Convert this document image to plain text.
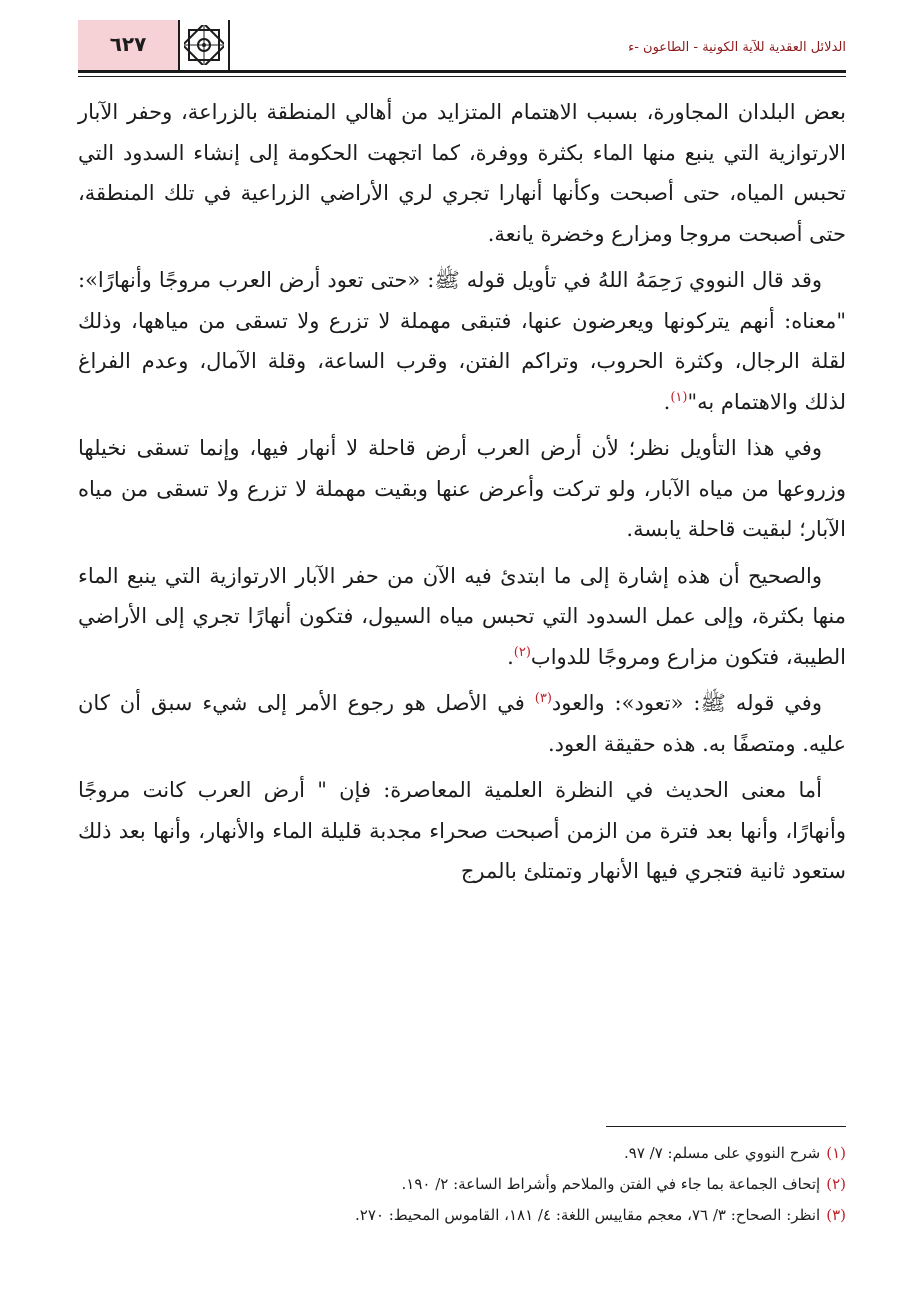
الدلائل العقدية للآية الكونية - الطاعون -ء
٦٢٧

بعض البلدان المجاورة، بسبب الاهتمام المتزايد من أهالي المنطقة بالزراعة، وحفر الآبار الارتوازية التي ينبع منها الماء بكثرة ووفرة، كما اتجهت الحكومة إلى إنشاء السدود التي تحبس المياه، حتى أصبحت وكأنها أنهارا تجري لري الأراضي الزراعية في تلك المنطقة، حتى أصبحت مروجا ومزارع وخضرة يانعة.

وقد قال النووي رَحِمَهُ اللهُ في تأويل قوله ﷺ: «حتى تعود أرض العرب مروجًا وأنهارًا»: "معناه: أنهم يتركونها ويعرضون عنها، فتبقى مهملة لا تزرع ولا تسقى من مياهها، وذلك لقلة الرجال، وكثرة الحروب، وتراكم الفتن، وقرب الساعة، وقلة الآمال، وعدم الفراغ لذلك والاهتمام به"$^{(١)}$.

وفي هذا التأويل نظر؛ لأن أرض العرب أرض قاحلة لا أنهار فيها، وإنما تسقى نخيلها وزروعها من مياه الآبار، ولو تركت وأعرض عنها وبقيت مهملة لا تزرع ولا تسقى من مياه الآبار؛ لبقيت قاحلة يابسة.

والصحيح أن هذه إشارة إلى ما ابتدئ فيه الآن من حفر الآبار الارتوازية التي ينبع الماء منها بكثرة، وإلى عمل السدود التي تحبس مياه السيول، فتكون أنهارًا تجري إلى الأراضي الطيبة، فتكون مزارع ومروجًا للدواب$^{(٢)}$.

وفي قوله ﷺ: «تعود»: والعود$^{(٣)}$ في الأصل هو رجوع الأمر إلى شيء سبق أن كان عليه. ومتصفًا به. هذه حقيقة العود.

أما معنى الحديث في النظرة العلمية المعاصرة: فإن " أرض العرب كانت مروجًا وأنهارًا، وأنها بعد فترة من الزمن أصبحت صحراء مجدبة قليلة الماء والأنهار، وأنها بعد ذلك ستعود ثانية فتجري فيها الأنهار وتمتلئ بالمرج

(١)شرح النووي على مسلم: ٧/ ٩٧.

(٢)إتحاف الجماعة بما جاء في الفتن والملاحم وأشراط الساعة: ٢/ ١٩٠.

(٣)انظر: الصحاح: ٣/ ٧٦، معجم مقاييس اللغة: ٤/ ١٨١، القاموس المحيط: ٢٧٠.
